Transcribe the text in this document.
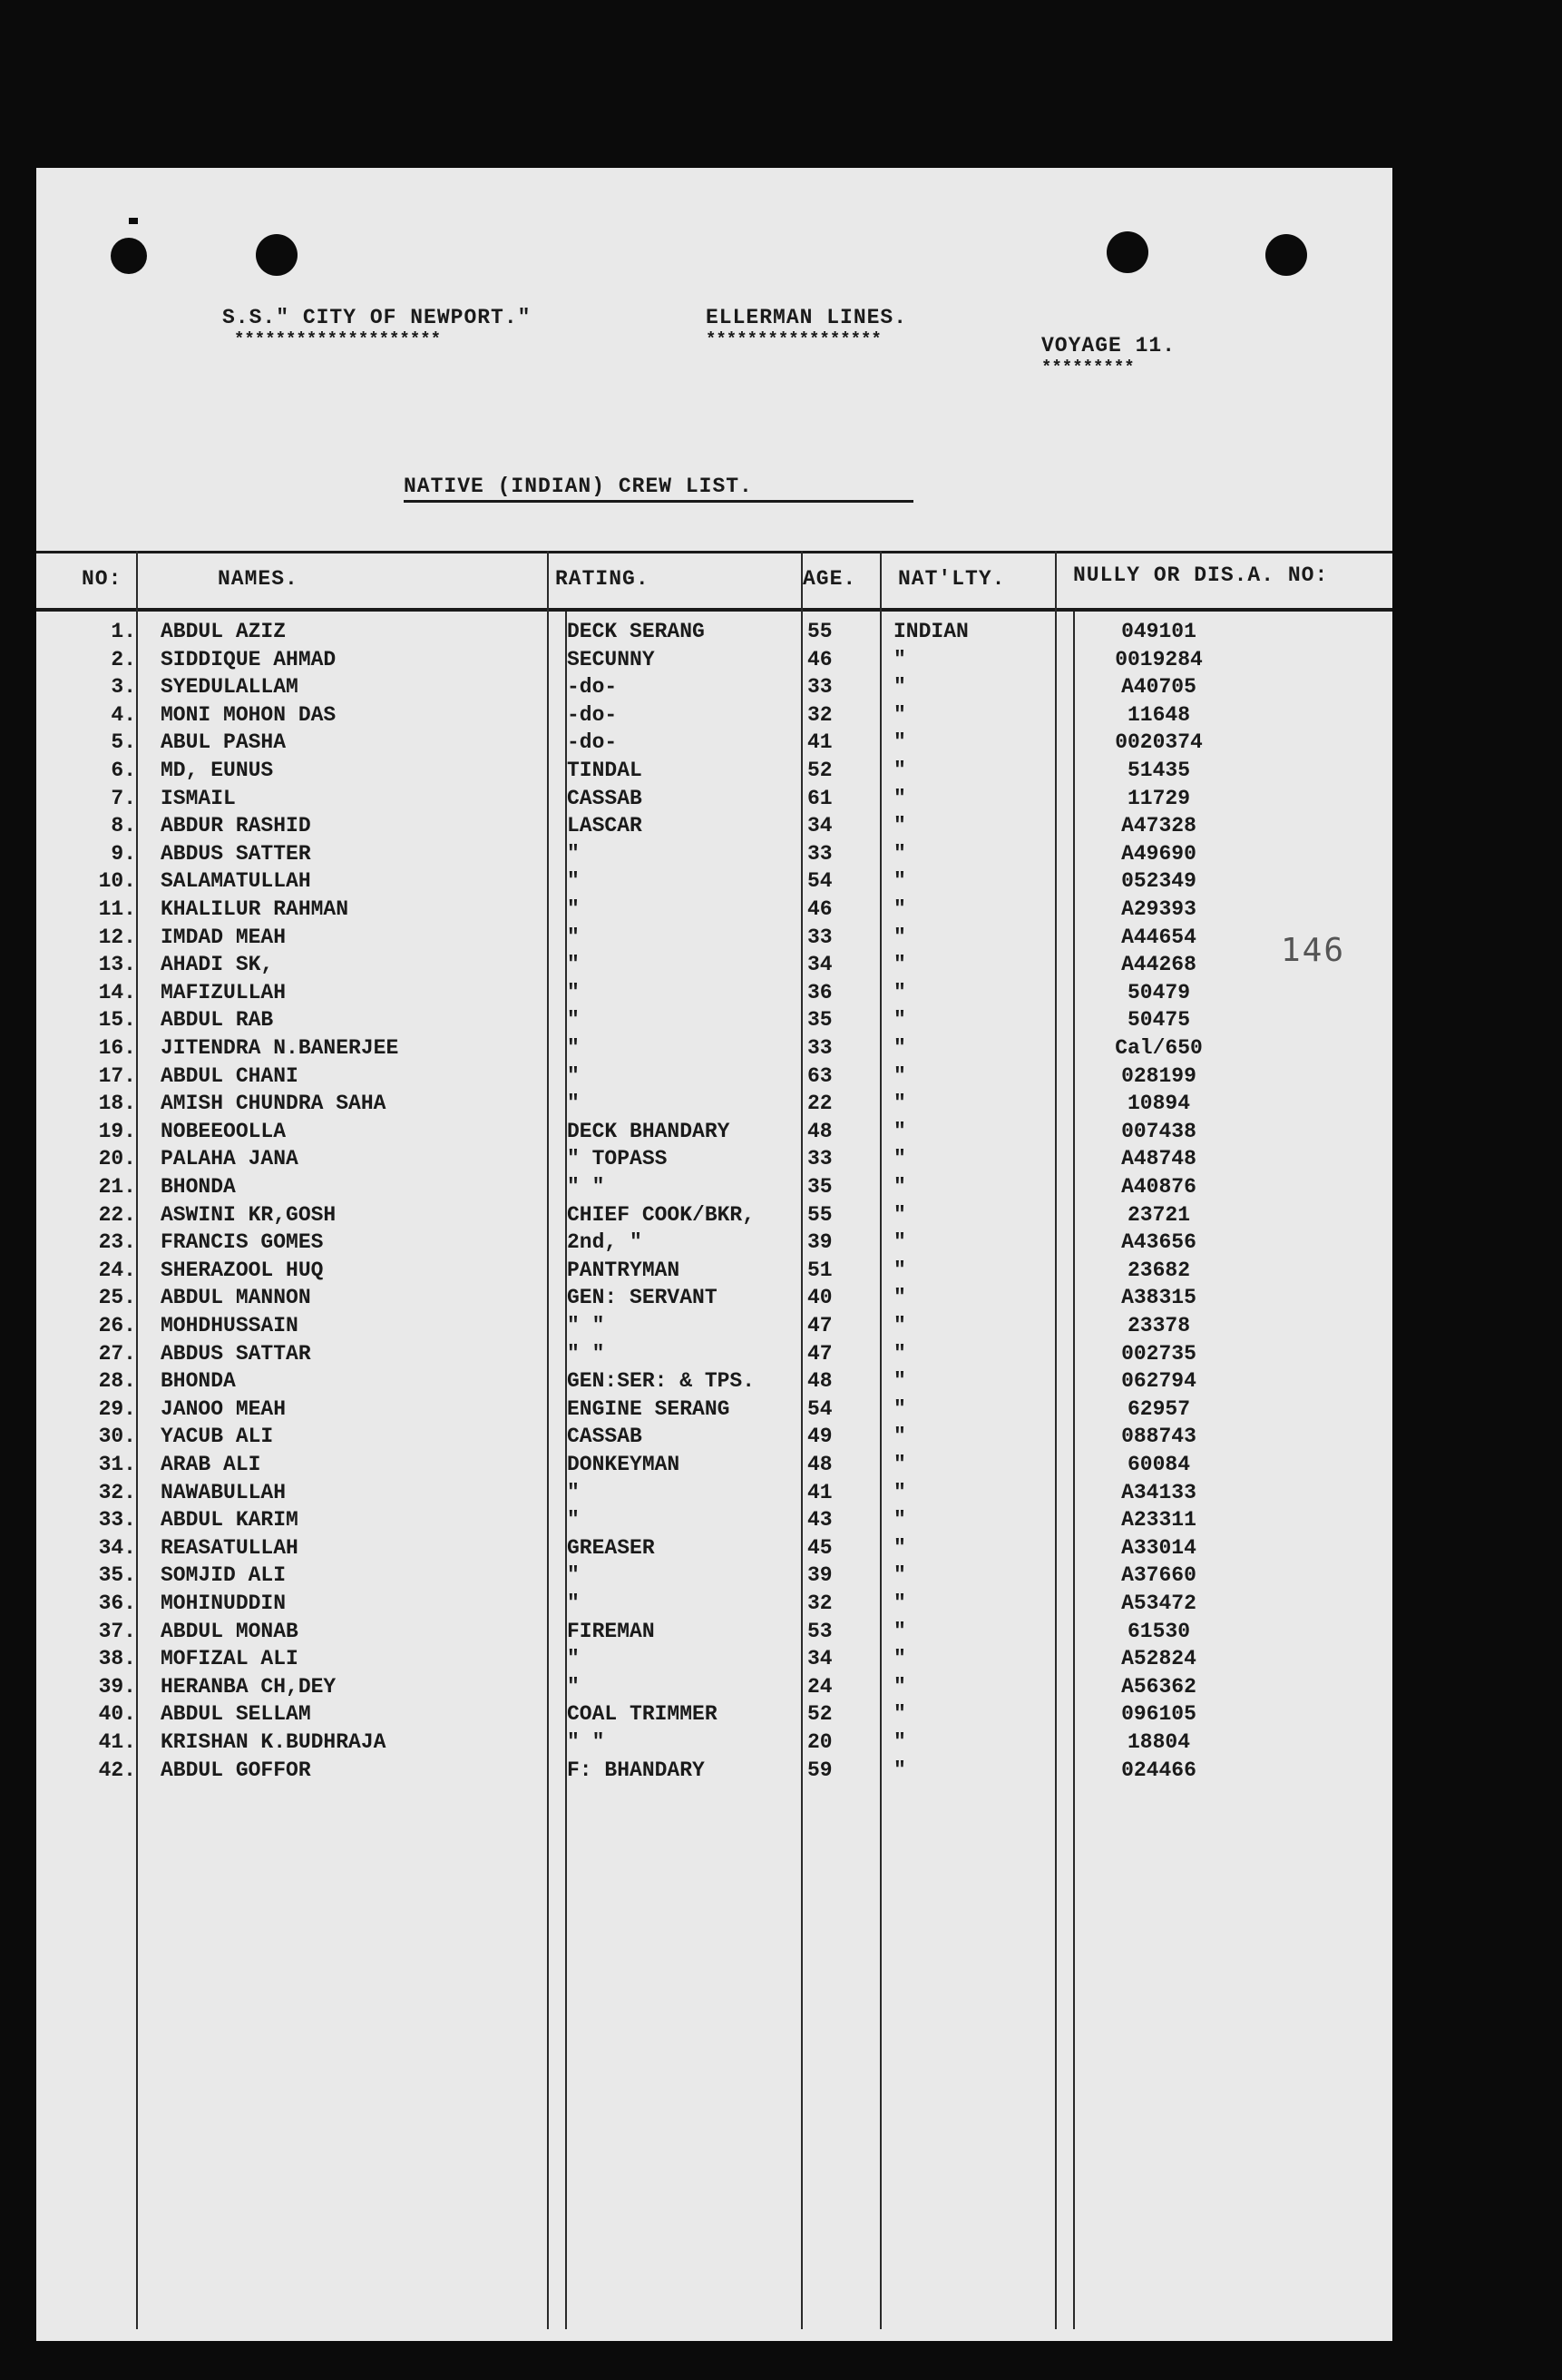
S.S." CITY OF NEWPORT."
********************
ELLERMAN LINES.
*****************	VOYAGE 11.
*********
NATIVE (INDIAN) CREW LIST.
NO:	NAMES.	RATING.	AGE. NAT'LTY.	NULLY OR DIS.A. NO:
146
1. ABDUL AZIZ	DECK SERANG	55	INDIAN	049101
2. SIDDIQUE AHMAD	SECUNNY	46	"	0019284
3. SYEDULALLAM	-do-	33	"	A40705
4. MONI MOHON DAS	-do-	32	"	11648
5. ABUL PASHA	-do-	41	"	0020374
6. MD, EUNUS	TINDAL	52	"	51435
7. ISMAIL	CASSAB	61	"	11729
8. ABDUR RASHID	LASCAR	34	"	A47328
9. ABDUS SATTER	"	33	"	A49690
10. SALAMATULLAH	"	54	"	052349
11. KHALILUR RAHMAN	"	46	"	A29393
12. IMDAD MEAH	"	33	"	A44654
13. AHADI SK,	"	34	"	A44268
14. MAFIZULLAH	"	36	"	50479
15. ABDUL RAB	"	35	"	50475
16. JITENDRA N.BANERJEE	"	33	"	Cal/650
17. ABDUL CHANI	"	63	"	028199
18. AMISH CHUNDRA SAHA	"	22	"	10894
19. NOBEEOOLLA	DECK BHANDARY	48	"	007438
20. PALAHA JANA	" TOPASS	33	"	A48748
21. BHONDA	" "	35	"	A40876
22. ASWINI KR,GOSH	CHIEF COOK/BKR,	55	"	23721
23. FRANCIS GOMES	2nd, "	39	"	A43656
24. SHERAZOOL HUQ	PANTRYMAN	51	"	23682
25. ABDUL MANNON	GEN: SERVANT	40	"	A38315
26. MOHDHUSSAIN	" "	47	"	23378
27. ABDUS SATTAR	" "	47	"	002735
28. BHONDA	GEN:SER: & TPS.	48	"	062794
29. JANOO MEAH	ENGINE SERANG	54	"	62957
30. YACUB ALI	CASSAB	49	"	088743
31. ARAB ALI	DONKEYMAN	48	"	60084
32. NAWABULLAH	"	41	"	A34133
33. ABDUL KARIM	"	43	"	A23311
34. REASATULLAH	GREASER	45	"	A33014
35. SOMJID ALI	"	39	"	A37660
36. MOHINUDDIN	"	32	"	A53472
37. ABDUL MONAB	FIREMAN	53	"	61530
38. MOFIZAL ALI	"	34	"	A52824
39. HERANBA CH,DEY	"	24	"	A56362
40. ABDUL SELLAM	COAL TRIMMER	52	"	096105
41. KRISHAN K.BUDHRAJA	" "	20	"	18804
42. ABDUL GOFFOR	F: BHANDARY	59	"	024466
